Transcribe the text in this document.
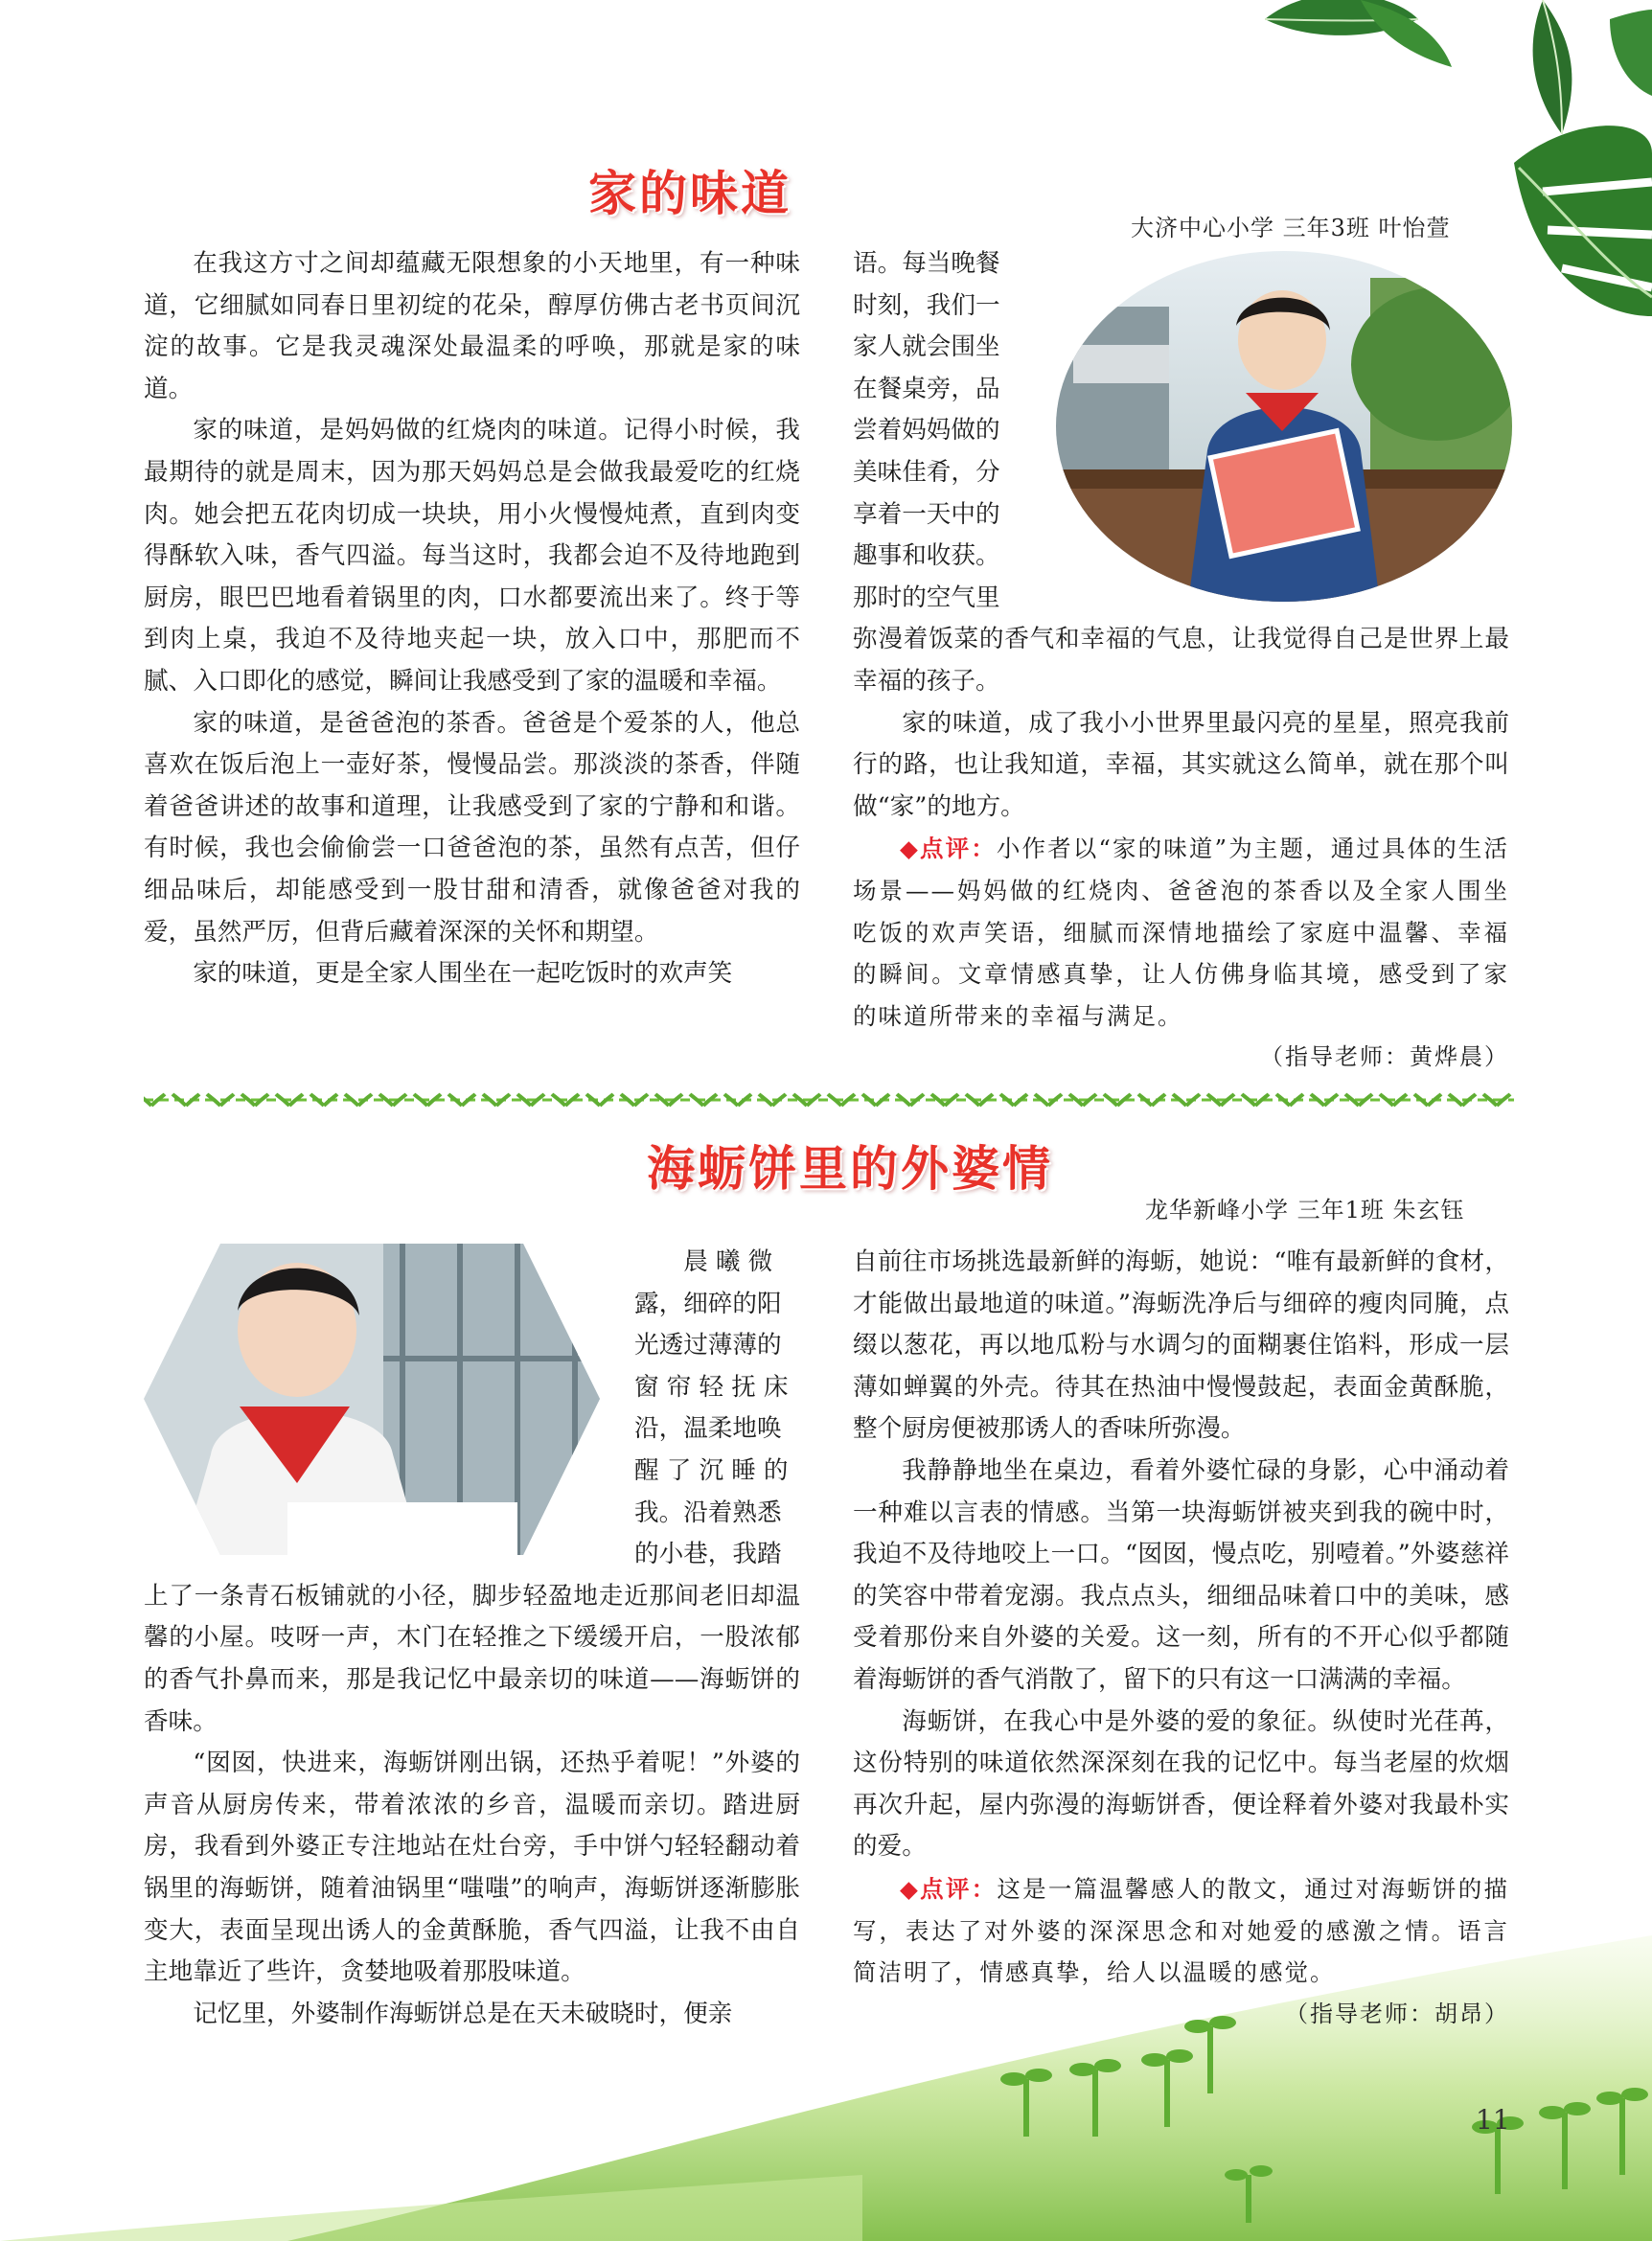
家的味道
大济中心小学 三年3班 叶怡萱

在我这方寸之间却蕴藏无限想象的小天地里，有一种味道，它细腻如同春日里初绽的花朵，醇厚仿佛古老书页间沉淀的故事。它是我灵魂深处最温柔的呼唤，那就是家的味道。

家的味道，是妈妈做的红烧肉的味道。记得小时候，我最期待的就是周末，因为那天妈妈总是会做我最爱吃的红烧肉。她会把五花肉切成一块块，用小火慢慢炖煮，直到肉变得酥软入味，香气四溢。每当这时，我都会迫不及待地跑到厨房，眼巴巴地看着锅里的肉，口水都要流出来了。终于等到肉上桌，我迫不及待地夹起一块，放入口中，那肥而不腻、入口即化的感觉，瞬间让我感受到了家的温暖和幸福。

家的味道，是爸爸泡的茶香。爸爸是个爱茶的人，他总喜欢在饭后泡上一壶好茶，慢慢品尝。那淡淡的茶香，伴随着爸爸讲述的故事和道理，让我感受到了家的宁静和和谐。有时候，我也会偷偷尝一口爸爸泡的茶，虽然有点苦，但仔细品味后，却能感受到一股甘甜和清香，就像爸爸对我的爱，虽然严厉，但背后藏着深深的关怀和期望。

家的味道，更是全家人围坐在一起吃饭时的欢声笑

语。每当晚餐
时刻，我们一
家人就会围坐
在餐桌旁，品
尝着妈妈做的
美味佳肴，分
享着一天中的
趣事和收获。
那时的空气里

弥漫着饭菜的香气和幸福的气息，让我觉得自己是世界上最幸福的孩子。

家的味道，成了我小小世界里最闪亮的星星，照亮我前行的路，也让我知道，幸福，其实就这么简单，就在那个叫做“家”的地方。

◆点评：小作者以“家的味道”为主题，通过具体的生活场景——妈妈做的红烧肉、爸爸泡的茶香以及全家人围坐吃饭的欢声笑语，细腻而深情地描绘了家庭中温馨、幸福的瞬间。文章情感真挚，让人仿佛身临其境，感受到了家的味道所带来的幸福与满足。

（指导老师：黄烨晨）
海蛎饼里的外婆情
龙华新峰小学 三年1班 朱玄钰
晨 曦 微
露，细碎的阳
光透过薄薄的
窗 帘 轻 抚 床
沿，温柔地唤
醒 了 沉 睡 的
我。沿着熟悉
的小巷，我踏

上了一条青石板铺就的小径，脚步轻盈地走近那间老旧却温馨的小屋。吱呀一声，木门在轻推之下缓缓开启，一股浓郁的香气扑鼻而来，那是我记忆中最亲切的味道——海蛎饼的香味。

“囡囡，快进来，海蛎饼刚出锅，还热乎着呢！”外婆的声音从厨房传来，带着浓浓的乡音，温暖而亲切。踏进厨房，我看到外婆正专注地站在灶台旁，手中饼勺轻轻翻动着锅里的海蛎饼，随着油锅里“嗤嗤”的响声，海蛎饼逐渐膨胀变大，表面呈现出诱人的金黄酥脆，香气四溢，让我不由自主地靠近了些许，贪婪地吸着那股味道。

记忆里，外婆制作海蛎饼总是在天未破晓时，便亲

自前往市场挑选最新鲜的海蛎，她说：“唯有最新鲜的食材，才能做出最地道的味道。”海蛎洗净后与细碎的瘦肉同腌，点缀以葱花，再以地瓜粉与水调匀的面糊裹住馅料，形成一层薄如蝉翼的外壳。待其在热油中慢慢鼓起，表面金黄酥脆，整个厨房便被那诱人的香味所弥漫。

我静静地坐在桌边，看着外婆忙碌的身影，心中涌动着一种难以言表的情感。当第一块海蛎饼被夹到我的碗中时，我迫不及待地咬上一口。“囡囡，慢点吃，别噎着。”外婆慈祥的笑容中带着宠溺。我点点头，细细品味着口中的美味，感受着那份来自外婆的关爱。这一刻，所有的不开心似乎都随着海蛎饼的香气消散了，留下的只有这一口满满的幸福。

海蛎饼，在我心中是外婆的爱的象征。纵使时光荏苒，这份特别的味道依然深深刻在我的记忆中。每当老屋的炊烟再次升起，屋内弥漫的海蛎饼香，便诠释着外婆对我最朴实的爱。

◆点评：这是一篇温馨感人的散文，通过对海蛎饼的描写，表达了对外婆的深深思念和对她爱的感激之情。语言简洁明了，情感真挚，给人以温暖的感觉。

（指导老师：胡昂）
11
